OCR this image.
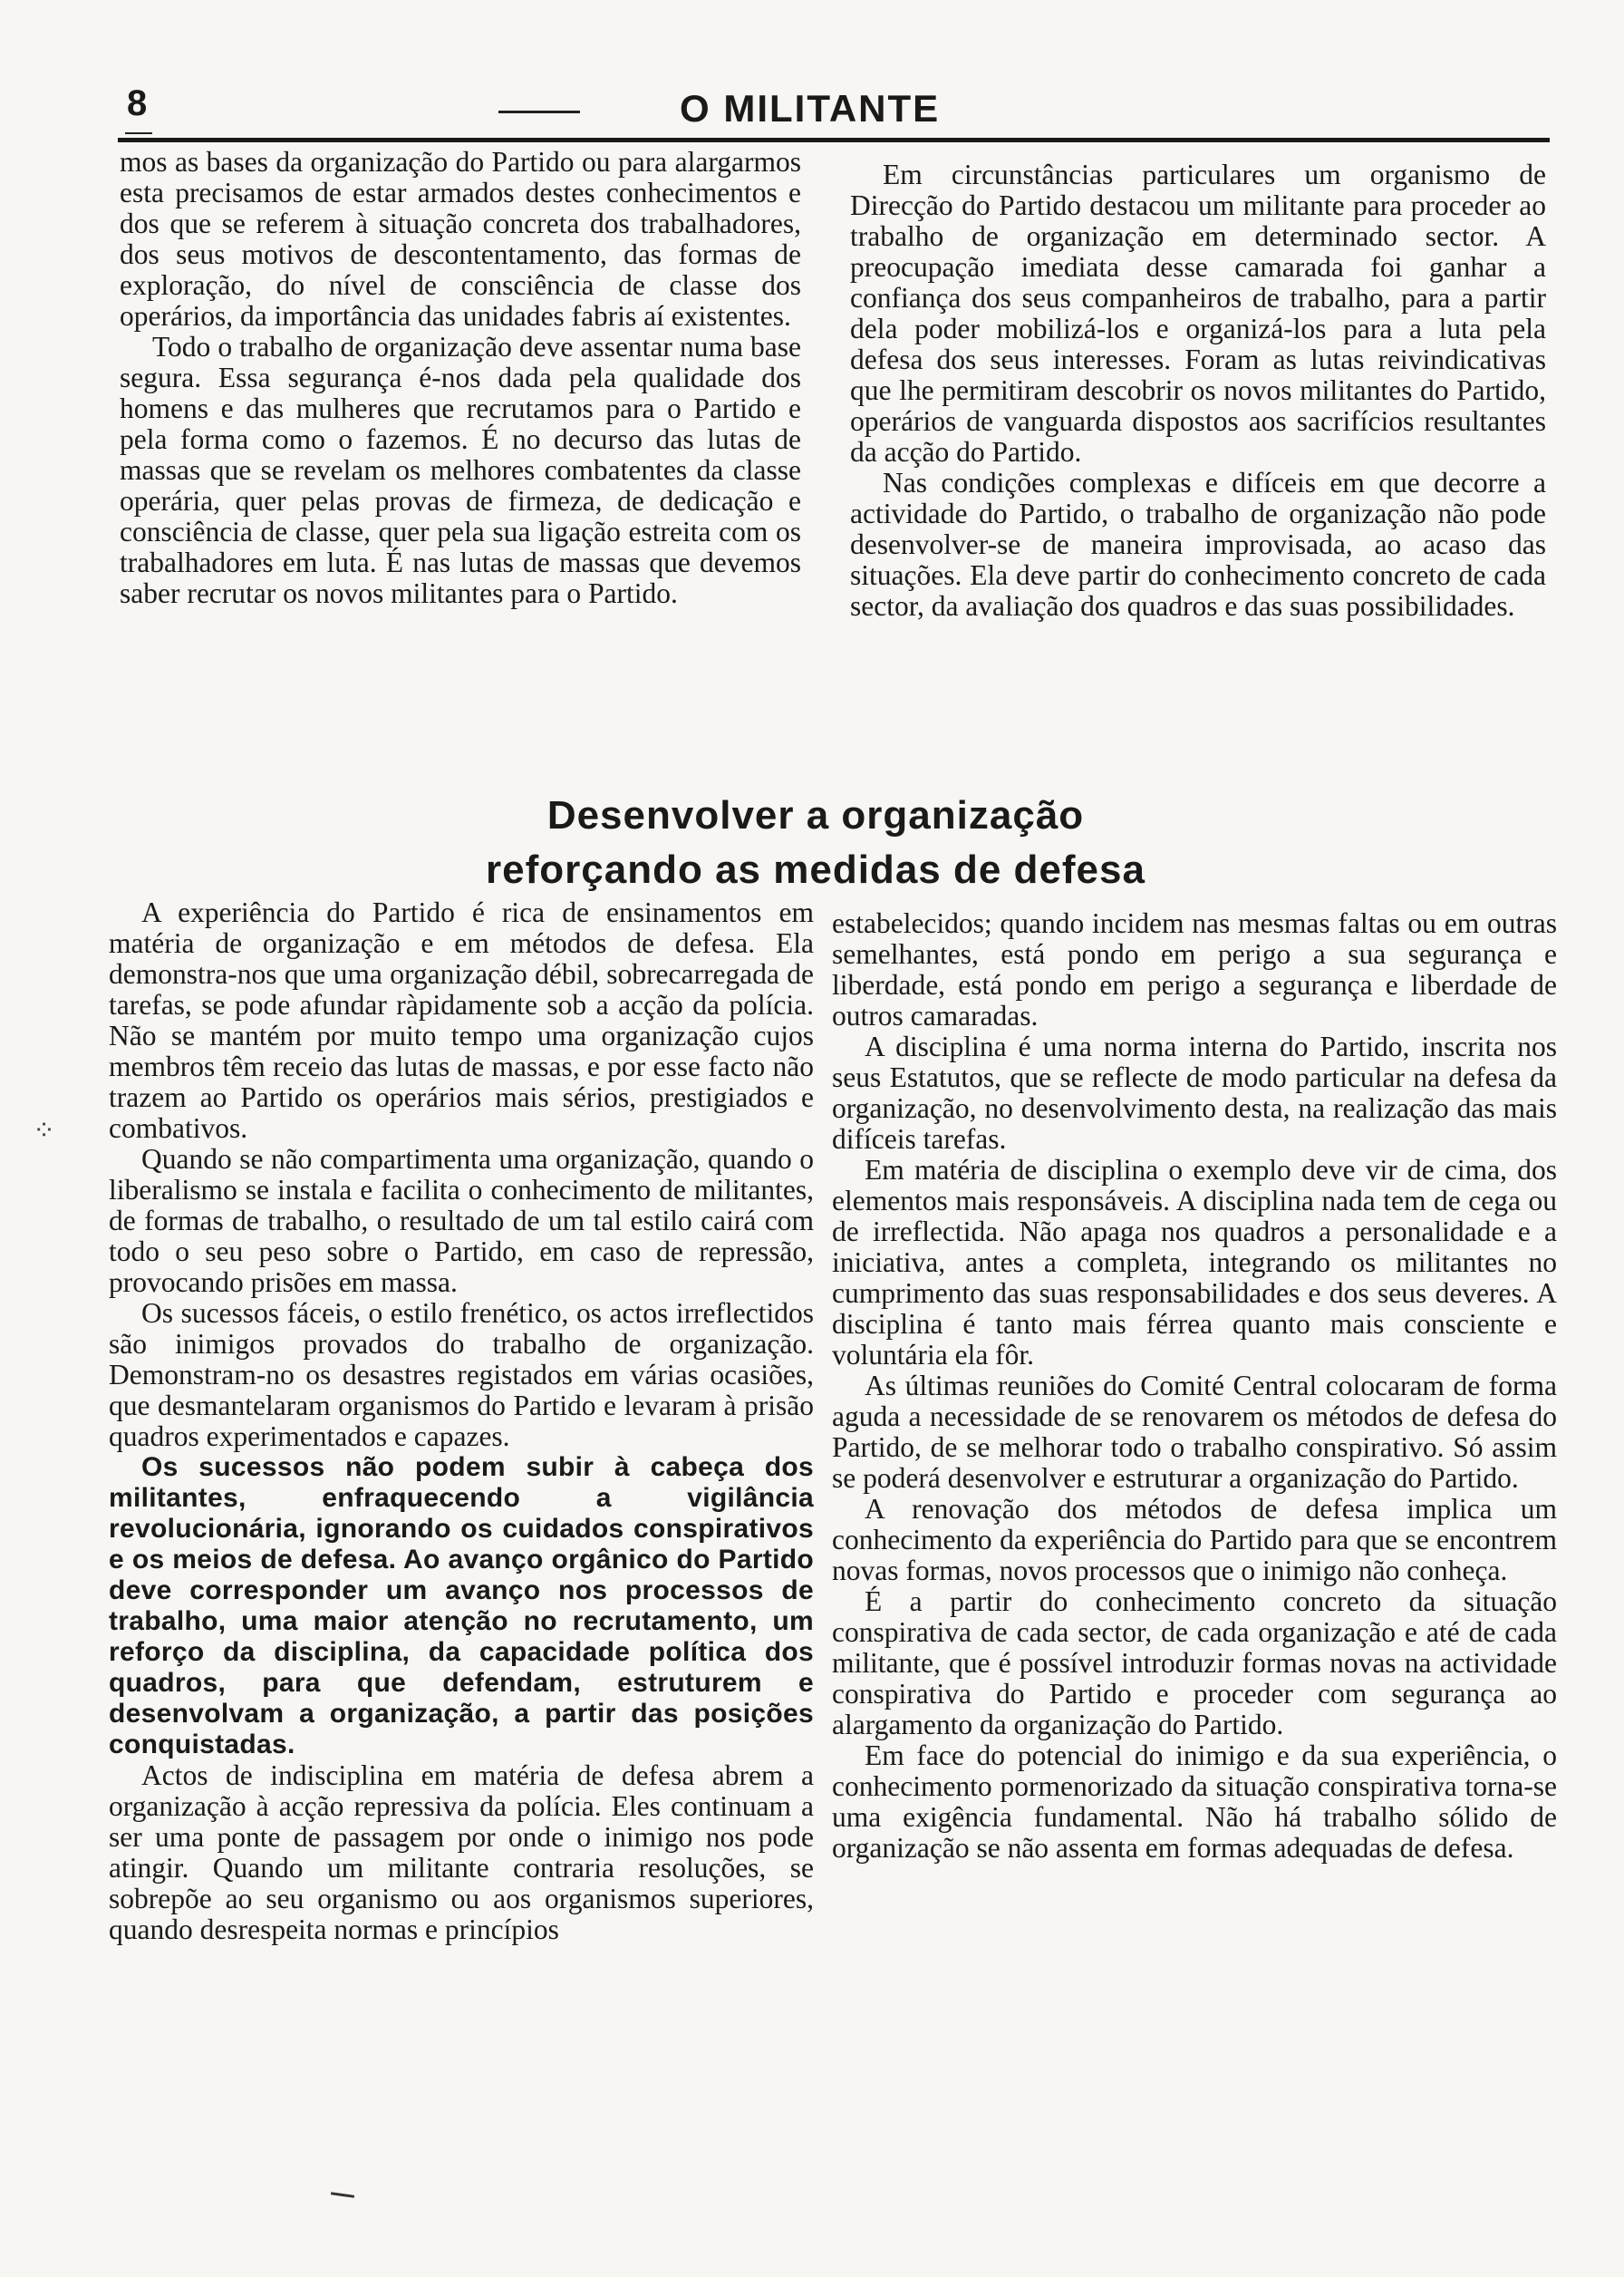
8	O MILITANTE

mos as bases da organização do Partido ou para alargarmos esta precisamos de estar armados destes conhecimentos e dos que se referem à situação concreta dos trabalhadores, dos seus motivos de descontentamento, das formas de exploração, do nível de consciência de classe dos operários, da importância das unidades fabris aí existentes.

Todo o trabalho de organização deve assentar numa base segura. Essa segurança é-nos dada pela qualidade dos homens e das mulheres que recrutamos para o Partido e pela forma como o fazemos. É no decurso das lutas de massas que se revelam os melhores combatentes da classe operária, quer pelas provas de firmeza, de dedicação e consciência de classe, quer pela sua ligação estreita com os trabalhadores em luta. É nas lutas de massas que devemos saber recrutar os novos militantes para o Partido.

Em circunstâncias particulares um organismo de Direcção do Partido destacou um militante para proceder ao trabalho de organização em determinado sector. A preocupação imediata desse camarada foi ganhar a confiança dos seus companheiros de trabalho, para a partir dela poder mobilizá-los e organizá-los para a luta pela defesa dos seus interesses. Foram as lutas reivindicativas que lhe permitiram descobrir os novos militantes do Partido, operários de vanguarda dispostos aos sacrifícios resultantes da acção do Partido.

Nas condições complexas e difíceis em que decorre a actividade do Partido, o trabalho de organização não pode desenvolver-se de maneira improvisada, ao acaso das situações. Ela deve partir do conhecimento concreto de cada sector, da avaliação dos quadros e das suas possibilidades.

Desenvolver a organização
reforçando as medidas de defesa

A experiência do Partido é rica de ensinamentos em matéria de organização e em métodos de defesa. Ela demonstra-nos que uma organização débil, sobrecarregada de tarefas, se pode afundar ràpidamente sob a acção da polícia. Não se mantém por muito tempo uma organização cujos membros têm receio das lutas de massas, e por esse facto não trazem ao Partido os operários mais sérios, prestigiados e combativos.

Quando se não compartimenta uma organização, quando o liberalismo se instala e facilita o conhecimento de militantes, de formas de trabalho, o resultado de um tal estilo cairá com todo o seu peso sobre o Partido, em caso de repressão, provocando prisões em massa.

Os sucessos fáceis, o estilo frenético, os actos irreflectidos são inimigos provados do trabalho de organização. Demonstram-no os desastres registados em várias ocasiões, que desmantelaram organismos do Partido e levaram à prisão quadros experimentados e capazes.

Os sucessos não podem subir à cabeça dos militantes, enfraquecendo a vigilância revolucionária, ignorando os cuidados conspirativos e os meios de defesa. Ao avanço orgânico do Partido deve corresponder um avanço nos processos de trabalho, uma maior atenção no recrutamento, um reforço da disciplina, da capacidade política dos quadros, para que defendam, estruturem e desenvolvam a organização, a partir das posições conquistadas.

Actos de indisciplina em matéria de defesa abrem a organização à acção repressiva da polícia. Eles continuam a ser uma ponte de passagem por onde o inimigo nos pode atingir. Quando um militante contraria resoluções, se sobrepõe ao seu organismo ou aos organismos superiores, quando desrespeita normas e princípios

estabelecidos; quando incidem nas mesmas faltas ou em outras semelhantes, está pondo em perigo a sua segurança e liberdade, está pondo em perigo a segurança e liberdade de outros camaradas.

A disciplina é uma norma interna do Partido, inscrita nos seus Estatutos, que se reflecte de modo particular na defesa da organização, no desenvolvimento desta, na realização das mais difíceis tarefas.

Em matéria de disciplina o exemplo deve vir de cima, dos elementos mais responsáveis. A disciplina nada tem de cega ou de irreflectida. Não apaga nos quadros a personalidade e a iniciativa, antes a completa, integrando os militantes no cumprimento das suas responsabilidades e dos seus deveres. A disciplina é tanto mais férrea quanto mais consciente e voluntária ela fôr.

As últimas reuniões do Comité Central colocaram de forma aguda a necessidade de se renovarem os métodos de defesa do Partido, de se melhorar todo o trabalho conspirativo. Só assim se poderá desenvolver e estruturar a organização do Partido.

A renovação dos métodos de defesa implica um conhecimento da experiência do Partido para que se encontrem novas formas, novos processos que o inimigo não conheça.

É a partir do conhecimento concreto da situação conspirativa de cada sector, de cada organização e até de cada militante, que é possível introduzir formas novas na actividade conspirativa do Partido e proceder com segurança ao alargamento da organização do Partido.

Em face do potencial do inimigo e da sua experiência, o conhecimento pormenorizado da situação conspirativa torna-se uma exigência fundamental. Não há trabalho sólido de organização se não assenta em formas adequadas de defesa.

⁘
